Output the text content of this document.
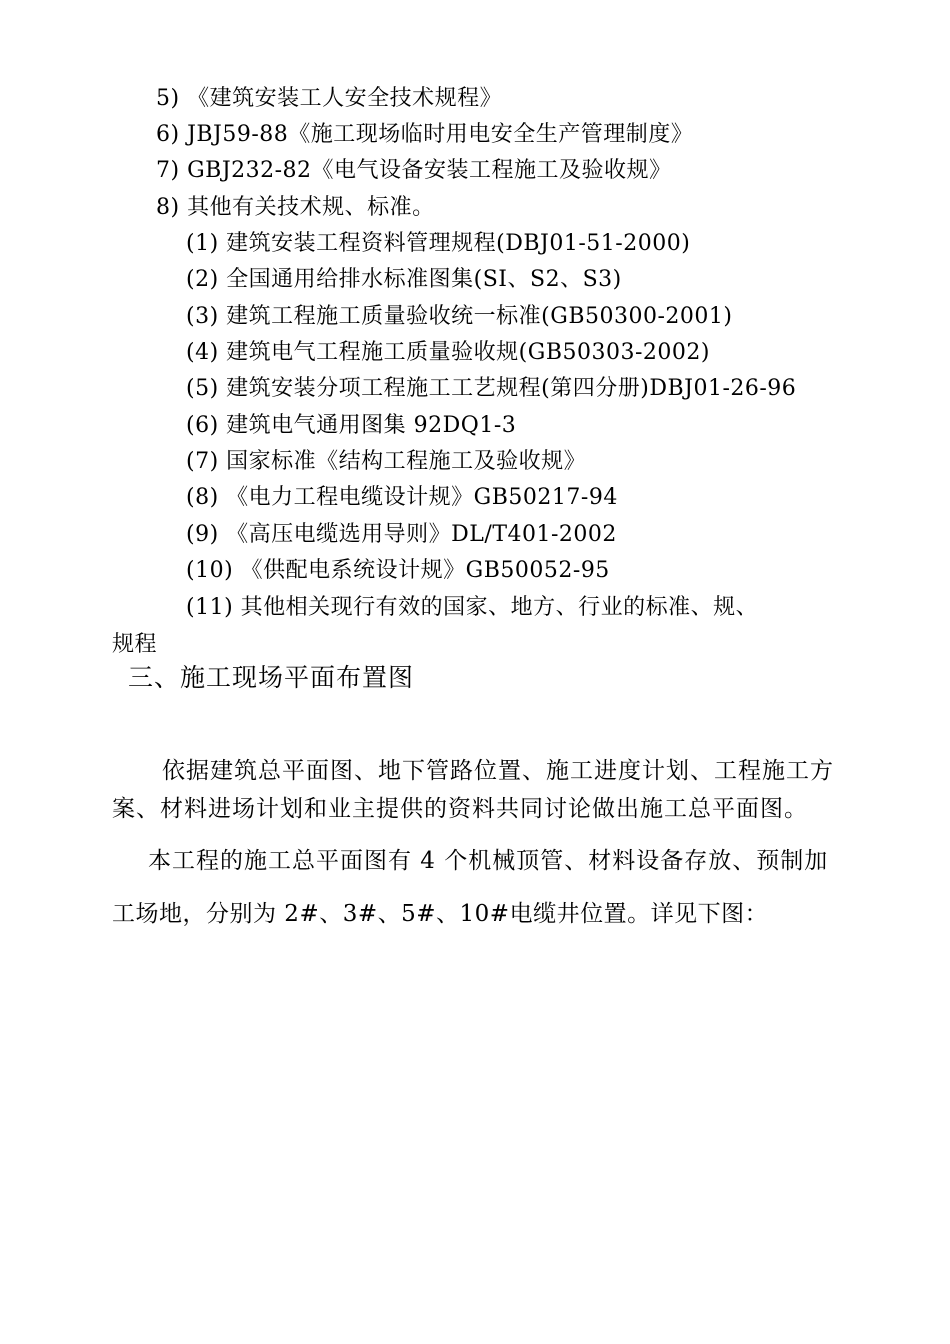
5) 《建筑安装工人安全技术规程》
6) JBJ59-88《施工现场临时用电安全生产管理制度》
7) GBJ232-82《电气设备安装工程施工及验收规》
8) 其他有关技术规、标准。
(1) 建筑安装工程资料管理规程(DBJ01-51-2000)
(2) 全国通用给排水标准图集(SI、S2、S3)
(3) 建筑工程施工质量验收统一标准(GB50300-2001)
(4) 建筑电气工程施工质量验收规(GB50303-2002)
(5) 建筑安装分项工程施工工艺规程(第四分册)DBJ01-26-96
(6) 建筑电气通用图集 92DQ1-3
(7) 国家标准《结构工程施工及验收规》
(8) 《电力工程电缆设计规》GB50217-94
(9) 《高压电缆选用导则》DL/T401-2002
(10) 《供配电系统设计规》GB50052-95
(11) 其他相关现行有效的国家、地方、行业的标准、规、
规程
三、施工现场平面布置图
依据建筑总平面图、地下管路位置、施工进度计划、工程施工方
案、材料进场计划和业主提供的资料共同讨论做出施工总平面图。
本工程的施工总平面图有 4 个机械顶管、材料设备存放、预制加
工场地，分别为 2#、3#、5#、10#电缆井位置。详见下图：
